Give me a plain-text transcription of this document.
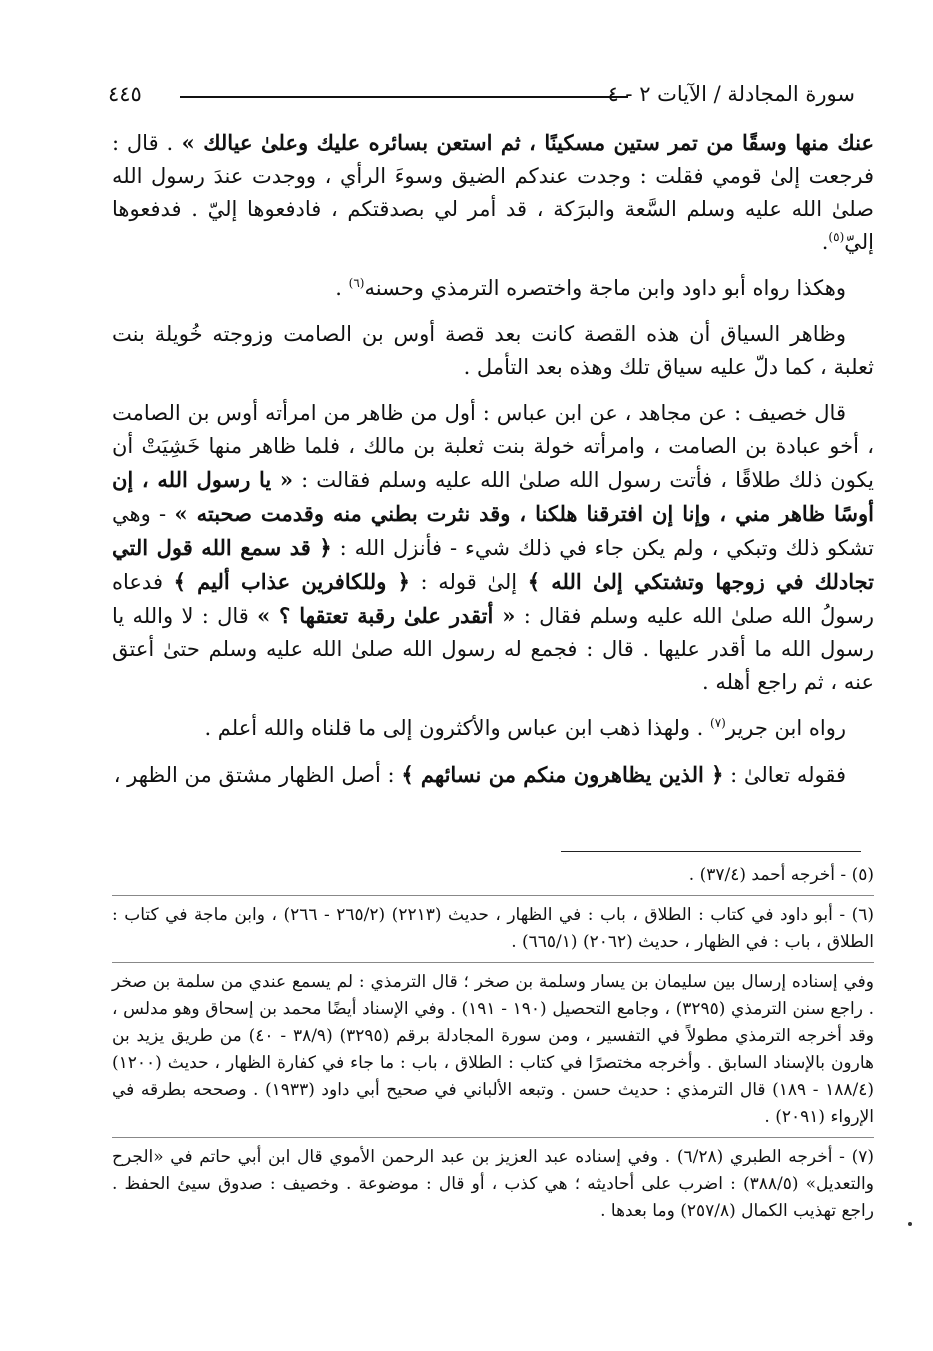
سورة المجادلة / الآيات ٢ - ٤
٤٤٥

عنك منها وسقًا من تمر ستين مسكينًا ، ثم استعن بسائره عليك وعلىٰ عيالك » . قال : فرجعت إلىٰ قومي فقلت : وجدت عندكم الضيق وسوءَ الرأي ، ووجدت عندَ رسول الله صلىٰ الله عليه وسلم السَّعة والبرَكة ، قد أمر لي بصدقتكم ، فادفعوها إليّ . فدفعوها إليّ$^{(٥)}$.

وهكذا رواه أبو داود وابن ماجة واختصره الترمذي وحسنه$^{(٦)}$ .

وظاهر السياق أن هذه القصة كانت بعد قصة أوس بن الصامت وزوجته خُويلة بنت ثعلبة ، كما دلّ عليه سياق تلك وهذه بعد التأمل .

قال خصيف : عن مجاهد ، عن ابن عباس : أول من ظاهر من امرأته أوس بن الصامت ، أخو عبادة بن الصامت ، وامرأته خولة بنت ثعلبة بن مالك ، فلما ظاهر منها خَشِيَتْ أن يكون ذلك طلاقًا ، فأتت رسول الله صلىٰ الله عليه وسلم فقالت : « يا رسول الله ، إن أوسًا ظاهر مني ، وإنا إن افترقنا هلكنا ، وقد نثرت بطني منه وقدمت صحبته » - وهي تشكو ذلك وتبكي ، ولم يكن جاء في ذلك شيء - فأنزل الله : ﴿ قد سمع الله قول التي تجادلك في زوجها وتشتكي إلىٰ الله ﴾ إلىٰ قوله : ﴿ وللكافرين عذاب أليم ﴾ فدعاه رسولُ الله صلىٰ الله عليه وسلم فقال : « أتقدر علىٰ رقبة تعتقها ؟ » قال : لا والله يا رسول الله ما أقدر عليها . قال : فجمع له رسول الله صلىٰ الله عليه وسلم حتىٰ أعتق عنه ، ثم راجع أهله .

رواه ابن جرير$^{(٧)}$ . ولهذا ذهب ابن عباس والأكثرون إلى ما قلناه والله أعلم .

فقوله تعالىٰ : ﴿ الذين يظاهرون منكم من نسائهم ﴾ : أصل الظهار مشتق من الظهر ،

(٥) - أخرجه أحمد (٣٧/٤) .

(٦) - أبو داود في كتاب : الطلاق ، باب : في الظهار ، حديث (٢٢١٣) (٢٦٥/٢ - ٢٦٦) ، وابن ماجة في كتاب : الطلاق ، باب : في الظهار ، حديث (٢٠٦٢) (٦٦٥/١) .

وفي إسناده إرسال بين سليمان بن يسار وسلمة بن صخر ؛ قال الترمذي : لم يسمع عندي من سلمة بن صخر . راجع سنن الترمذي (٣٢٩٥) ، وجامع التحصيل (١٩٠ - ١٩١) . وفي الإسناد أيضًا محمد بن إسحاق وهو مدلس ، وقد أخرجه الترمذي مطولاً في التفسير ، ومن سورة المجادلة برقم (٣٢٩٥) (٣٨/٩ - ٤٠) من طريق يزيد بن هارون بالإسناد السابق . وأخرجه مختصرًا في كتاب : الطلاق ، باب : ما جاء في كفارة الظهار ، حديث (١٢٠٠) (١٨٨/٤ - ١٨٩) قال الترمذي : حديث حسن . وتبعه الألباني في صحيح أبي داود (١٩٣٣) . وصححه بطرقه في الإرواء (٢٠٩١) .

(٧) - أخرجه الطبري (٦/٢٨) . وفي إسناده عبد العزيز بن عبد الرحمن الأموي قال ابن أبي حاتم في «الجرح والتعديل» (٣٨٨/٥) : اضرب على أحاديثه ؛ هي كذب ، أو قال : موضوعة . وخصيف : صدوق سيئ الحفظ . راجع تهذيب الكمال (٢٥٧/٨) وما بعدها .
